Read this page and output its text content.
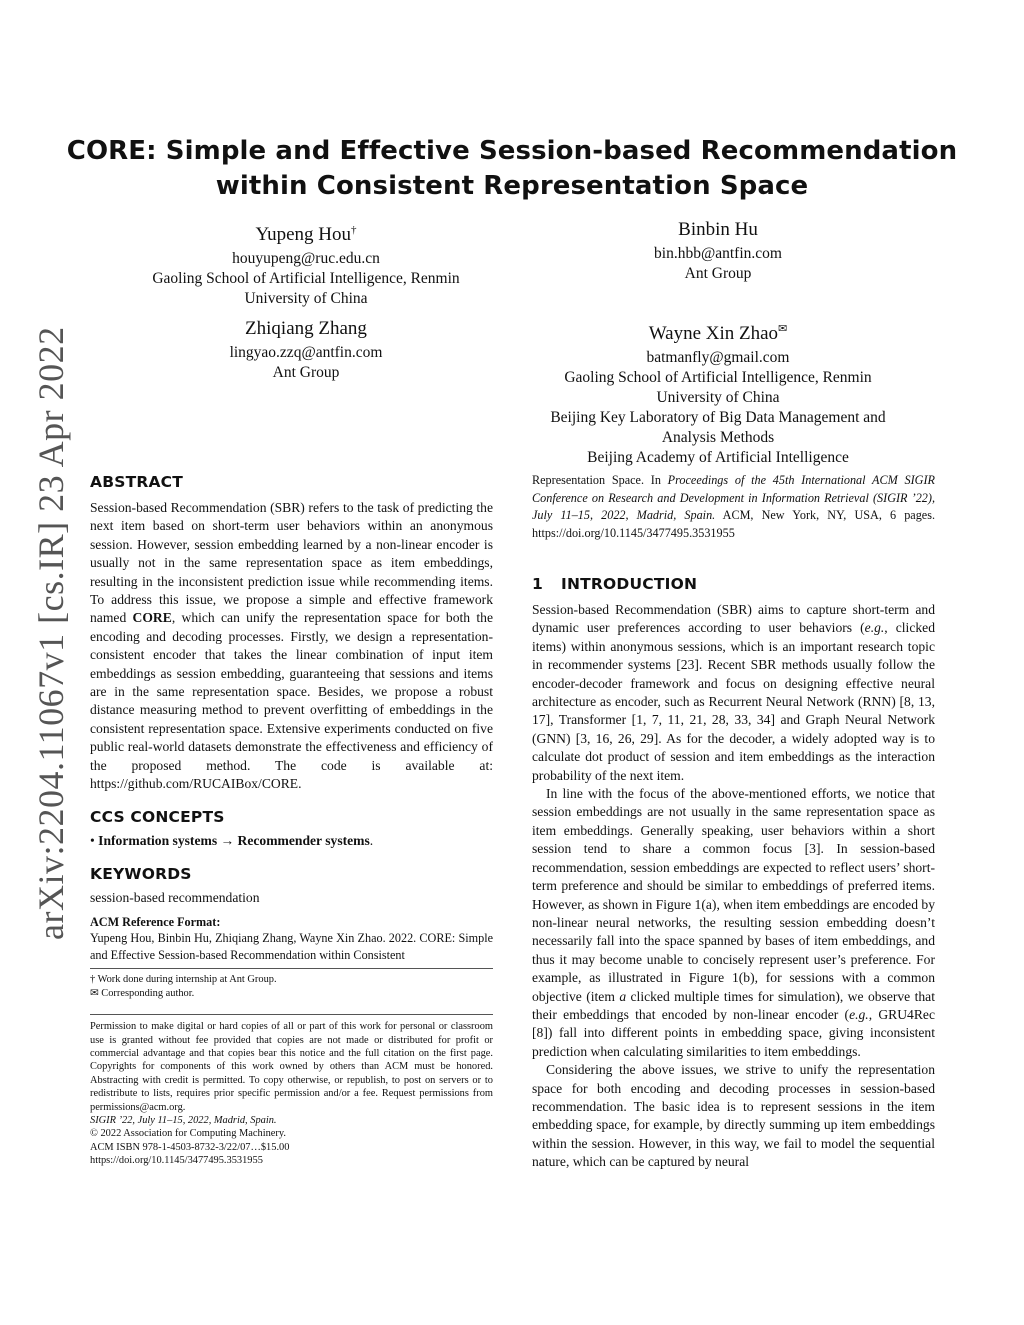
CORE: Simple and Effective Session-based Recommendation
within Consistent Representation Space
Yupeng Hou†
houyupeng@ruc.edu.cn
Gaoling School of Artificial Intelligence, Renmin
University of China
Binbin Hu
bin.hbb@antfin.com
Ant Group
Zhiqiang Zhang
lingyao.zzq@antfin.com
Ant Group
Wayne Xin Zhao✉
batmanfly@gmail.com
Gaoling School of Artificial Intelligence, Renmin
University of China
Beijing Key Laboratory of Big Data Management and
Analysis Methods
Beijing Academy of Artificial Intelligence
arXiv:2204.11067v1 [cs.IR] 23 Apr 2022 ABSTRACT

Session-based Recommendation (SBR) refers to the task of predicting the next item based on short-term user behaviors within an anonymous session. However, session embedding learned by a non-linear encoder is usually not in the same representation space as item embeddings, resulting in the inconsistent prediction issue while recommending items. To address this issue, we propose a simple and effective framework named CORE, which can unify the representation space for both the encoding and decoding processes. Firstly, we design a representation-consistent encoder that takes the linear combination of input item embeddings as session embedding, guaranteeing that sessions and items are in the same representation space. Besides, we propose a robust distance measuring method to prevent overfitting of embeddings in the consistent representation space. Extensive experiments conducted on five public real-world datasets demonstrate the effectiveness and efficiency of the proposed method. The code is available at: https://github.com/RUCAIBox/CORE.

CCS CONCEPTS

• Information systems → Recommender systems.

KEYWORDS

session-based recommendation

ACM Reference Format:

Yupeng Hou, Binbin Hu, Zhiqiang Zhang, Wayne Xin Zhao. 2022. CORE: Simple and Effective Session-based Recommendation within Consistent

† Work done during internship at Ant Group.
✉ Corresponding author.
Permission to make digital or hard copies of all or part of this work for personal or classroom use is granted without fee provided that copies are not made or distributed for profit or commercial advantage and that copies bear this notice and the full citation on the first page. Copyrights for components of this work owned by others than ACM must be honored. Abstracting with credit is permitted. To copy otherwise, or republish, to post on servers or to redistribute to lists, requires prior specific permission and/or a fee. Request permissions from permissions@acm.org.
SIGIR ’22, July 11–15, 2022, Madrid, Spain.
© 2022 Association for Computing Machinery.
ACM ISBN 978-1-4503-8732-3/22/07…$15.00
https://doi.org/10.1145/3477495.3531955

Representation Space. In Proceedings of the 45th International ACM SIGIR Conference on Research and Development in Information Retrieval (SIGIR ’22), July 11–15, 2022, Madrid, Spain. ACM, New York, NY, USA, 6 pages. https://doi.org/10.1145/3477495.3531955

1 INTRODUCTION

Session-based Recommendation (SBR) aims to capture short-term and dynamic user preferences according to user behaviors (e.g., clicked items) within anonymous sessions, which is an important research topic in recommender systems [23]. Recent SBR methods usually follow the encoder-decoder framework and focus on designing effective neural architecture as encoder, such as Recurrent Neural Network (RNN) [8, 13, 17], Transformer [1, 7, 11, 21, 28, 33, 34] and Graph Neural Network (GNN) [3, 16, 26, 29]. As for the decoder, a widely adopted way is to calculate dot product of session and item embeddings as the interaction probability of the next item.

In line with the focus of the above-mentioned efforts, we notice that session embeddings are not usually in the same representation space as item embeddings. Generally speaking, user behaviors within a short session tend to share a common focus [3]. In session-based recommendation, session embeddings are expected to reflect users’ short-term preference and should be similar to embeddings of preferred items. However, as shown in Figure 1(a), when item embeddings are encoded by non-linear neural networks, the resulting session embedding doesn’t necessarily fall into the space spanned by bases of item embeddings, and thus it may become unable to concisely represent user’s preference. For example, as illustrated in Figure 1(b), for sessions with a common objective (item a clicked multiple times for simulation), we observe that their embeddings that encoded by non-linear encoder (e.g., GRU4Rec [8]) fall into different points in embedding space, giving inconsistent prediction when calculating similarities to item embeddings.

Considering the above issues, we strive to unify the representation space for both encoding and decoding processes in session-based recommendation. The basic idea is to represent sessions in the item embedding space, for example, by directly summing up item embeddings within the session. However, in this way, we fail to model the sequential nature, which can be captured by neural
